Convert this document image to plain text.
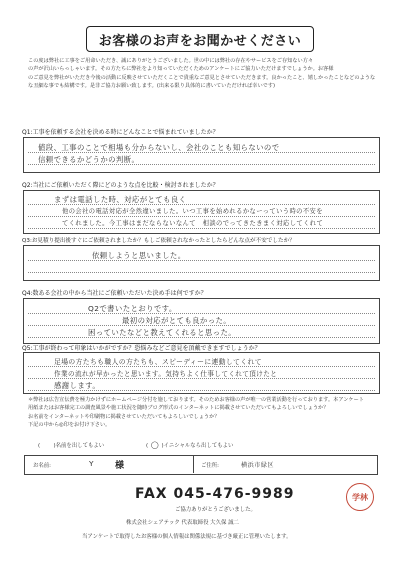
お客様のお声をお聞かせください
この度は弊社に工事をご用命いただき、誠にありがとうございました。世の中には弊社の存在やサービスをご存知ない方々
の声が沢山いらっしゃいます。その方たちに弊社をより知っていただくためのアンケートにご協力いただけますでしょうか。お客様
のご意見を弊社がいただき今後の活動に反映させていただくことで貴重なご意見とさせていただきます。良かったこと、嬉しかったことなどのような
な丑細な事でも結構です。是非ご協力お願い致します。(出来る限り具体的に書いていただければ幸いです)
Q1:工事を依頼する会社を決める時にどんなことで悩まれていましたか？
値段、工事のことで相場も分からないし、会社のことも知らないので
信頼できるかどうかの判断。
Q2:当社にご依頼いただく際にどのような点を比較・検討されましたか？
まずは電話した時、対応がとても良く
他の会社の電話対応が全然違いました。いつ工事を始めれるかなーっていう時の不安を
てくれました。今工事はまだならないなんて　相談のでってきたきまく対応してくれて
Q3:お見積り提出後すぐにご依頼されましたか？もしご依頼されなかったとしたらどんな点が不安でしたか？
依頼しようと思いました。
Q4:数ある会社の中から当社にご依頼いただいた決め手は何ですか？
Q2で書いたとおりです。
最初の対応がとても良かった。
困っていたなどと教えてくれると思った。
Q5:工事が終わって印象はいかがですか？恐悩みなどご意見を頂戴できますでしょうか？
足場の方たちも職人の方たちも、スピーディーに連動してくれて
作業の流れが早かったと思います。気持ちよく仕事してくれて頂けたと
感謝します。
＊弊社は広告宣伝費を極力かけずにホームページ分付を施しております。そのためお客様の声が唯一の営業活動を行っております。本アンケート
用紙またはお客様完工の調査風景や施工状況を随時ブログ形式のインターネットに掲載させていただいてもよろしいでしょうか？
お名前をインターネットや印刷物に掲載させていただいてもよろしいでしょうか？
下記の中から◎印をお付け下さい。
( )名前を出してもよい	( ◯ )イニシャルなら出してもよい
お名前:	Y 様	ご住所:	横浜市緑区
FAX 045-476-9989	学林
ご協力ありがとうございました。
株式会社シェアテック 代表取締役 大久保 誠二
当アンケートで取得したお客様の個人情報は関係法規に基づき厳正に管理いたします。
